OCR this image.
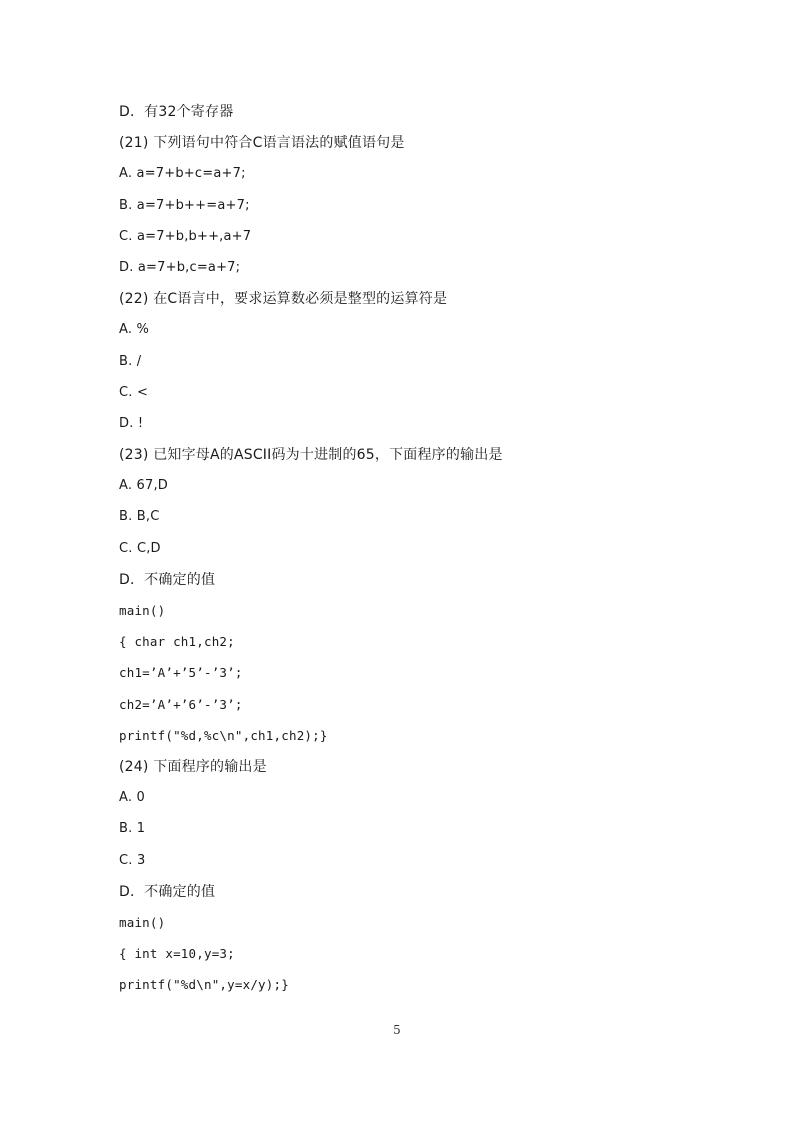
D．有32个寄存器
(21) 下列语句中符合C语言语法的赋值语句是
A. a=7+b+c=a+7;
B. a=7+b++=a+7;
C. a=7+b,b++,a+7
D. a=7+b,c=a+7;
(22) 在C语言中，要求运算数必须是整型的运算符是
A. %
B. /
C. <
D. !
(23) 已知字母A的ASCII码为十进制的65，下面程序的输出是
A. 67,D
B. B,C
C. C,D
D．不确定的值
main()
{ char ch1,ch2;
ch1=’A’+’5’-’3’;
ch2=’A’+’6’-’3’;
printf("%d,%c\n",ch1,ch2);}
(24) 下面程序的输出是
A. 0
B. 1
C. 3
D．不确定的值
main()
{ int x=10,y=3;
printf("%d\n",y=x/y);}
5
